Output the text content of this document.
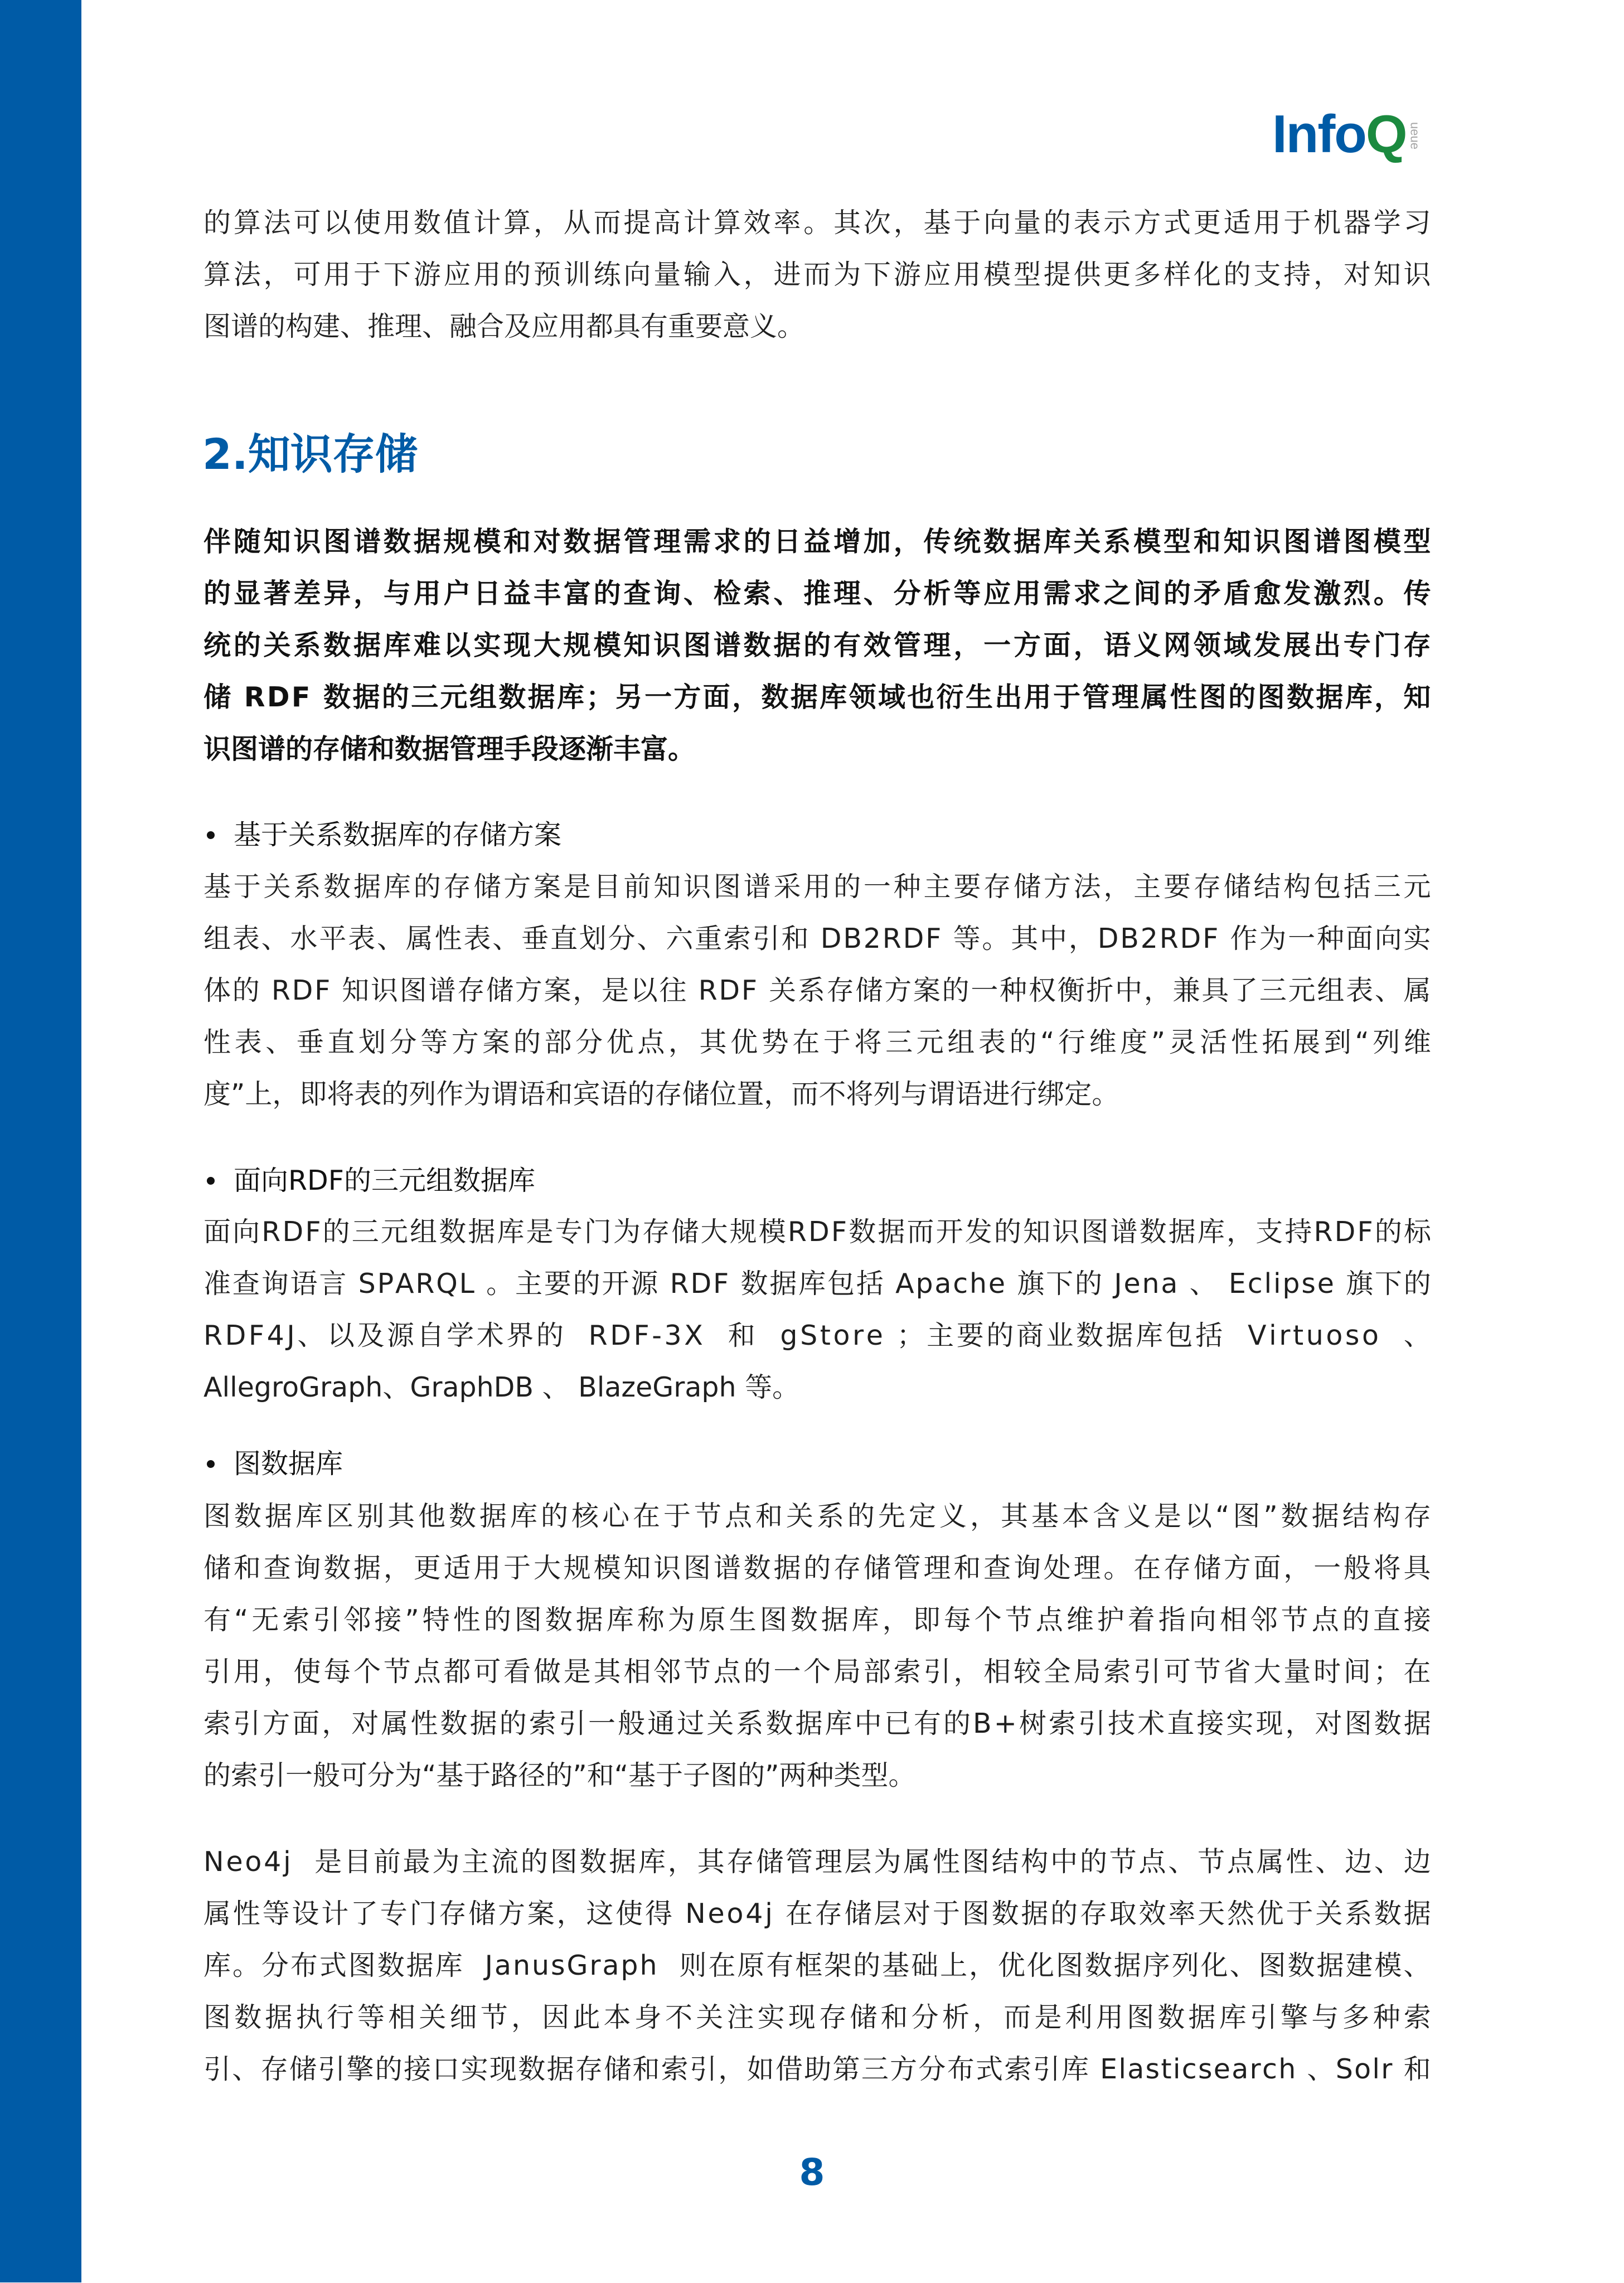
Info Q ueue
的 算 法 可 以 使 用 数 值 计 算 ， 从 而 提 高 计 算 效 率 。 其 次 ， 基 于 向 量 的 表 示 方 式 更 适 用 于 机 器 学 习
算 法 ， 可 用 于 下 游 应 用 的 预 训 练 向 量 输 入 ， 进 而 为 下 游 应 用 模 型 提 供 更 多 样 化 的 支 持 ， 对 知 识
图谱的构建、推理、融合及应用都具有重要意义。
2.知识存储
伴 随 知 识 图 谱 数 据 规 模 和 对 数 据 管 理 需 求 的 日 益 增 加 ， 传 统 数 据 库 关 系 模 型 和 知 识 图 谱 图 模 型
的 显 著 差 异 ， 与 用 户 日 益 丰 富 的 查 询 、 检 索 、 推 理 、 分 析 等 应 用 需 求 之 间 的 矛 盾 愈 发 激 烈 。 传
统 的 关 系 数 据 库 难 以 实 现 大 规 模 知 识 图 谱 数 据 的 有 效 管 理 ， 一 方 面 ， 语 义 网 领 域 发 展 出 专 门 存
储
R D F
数 据 的 三 元 组 数 据 库 ； 另 一 方 面 ， 数 据 库 领 域 也 衍 生 出 用 于 管 理 属 性 图 的 图 数 据 库 ， 知
识图谱的存储和数据管理手段逐渐丰富。
基于关系数据库的存储方案
基 于 关 系 数 据 库 的 存 储 方 案 是 目 前 知 识 图 谱 采 用 的 一 种 主 要 存 储 方 法 ， 主 要 存 储 结 构 包 括 三 元
组 表 、 水 平 表 、 属 性 表 、 垂 直 划 分 、 六 重 索 引 和
D B 2 R D F
等 。 其 中 ， D B 2 R D F
作 为 一 种 面 向 实
体 的
R D F
知 识 图 谱 存 储 方 案 ， 是 以 往
R D F
关 系 存 储 方 案 的 一 种 权 衡 折 中 ， 兼 具 了 三 元 组 表 、 属
性 表 、 垂 直 划 分 等 方 案 的 部 分 优 点 ， 其 优 势 在 于 将 三 元 组 表 的 “ 行 维 度 ” 灵 活 性 拓 展 到 “ 列 维
度”上，即将表的列作为谓语和宾语的存储位置，而不将列与谓语进行绑定。
面向RDF的三元组数据库
面 向 R D F 的 三 元 组 数 据 库 是 专 门 为 存 储 大 规 模 R D F 数 据 而 开 发 的 知 识 图 谱 数 据 库 ， 支 持 R D F 的 标
准 查 询 语 言
S P A R Q L
。 主 要 的 开 源
R D F
数 据 库 包 括
A p a c h e
旗 下 的
J e n a
、
E c l i p s e
旗 下 的
R D F 4 J 、 以 及 源 自 学 术 界 的

R D F - 3 X

和

g S t o r e
； 主 要 的 商 业 数 据 库 包 括

V i r t u o s o

、
AllegroGraph、GraphDB 、 BlazeGraph 等。
图数据库
图 数 据 库 区 别 其 他 数 据 库 的 核 心 在 于 节 点 和 关 系 的 先 定 义 ， 其 基 本 含 义 是 以 “ 图 ” 数 据 结 构 存
储 和 查 询 数 据 ， 更 适 用 于 大 规 模 知 识 图 谱 数 据 的 存 储 管 理 和 查 询 处 理 。 在 存 储 方 面 ， 一 般 将 具
有 “ 无 索 引 邻 接 ” 特 性 的 图 数 据 库 称 为 原 生 图 数 据 库 ， 即 每 个 节 点 维 护 着 指 向 相 邻 节 点 的 直 接
引 用 ， 使 每 个 节 点 都 可 看 做 是 其 相 邻 节 点 的 一 个 局 部 索 引 ， 相 较 全 局 索 引 可 节 省 大 量 时 间 ； 在
索 引 方 面 ， 对 属 性 数 据 的 索 引 一 般 通 过 关 系 数 据 库 中 已 有 的 B + 树 索 引 技 术 直 接 实 现 ， 对 图 数 据
的索引一般可分为“基于路径的”和“基于子图的”两种类型。
N e o 4 j

是 目 前 最 为 主 流 的 图 数 据 库 ， 其 存 储 管 理 层 为 属 性 图 结 构 中 的 节 点 、 节 点 属 性 、 边 、 边
属 性 等 设 计 了 专 门 存 储 方 案 ， 这 使 得
N e o 4 j
在 存 储 层 对 于 图 数 据 的 存 取 效 率 天 然 优 于 关 系 数 据
库 。 分 布 式 图 数 据 库

J a n u s G r a p h

则 在 原 有 框 架 的 基 础 上 ， 优 化 图 数 据 序 列 化 、 图 数 据 建 模 、
图 数 据 执 行 等 相 关 细 节 ， 因 此 本 身 不 关 注 实 现 存 储 和 分 析 ， 而 是 利 用 图 数 据 库 引 擎 与 多 种 索
引 、 存 储 引 擎 的 接 口 实 现 数 据 存 储 和 索 引 ， 如 借 助 第 三 方 分 布 式 索 引 库
E l a s t i c s e a r c h
、 S o l r
和
8
